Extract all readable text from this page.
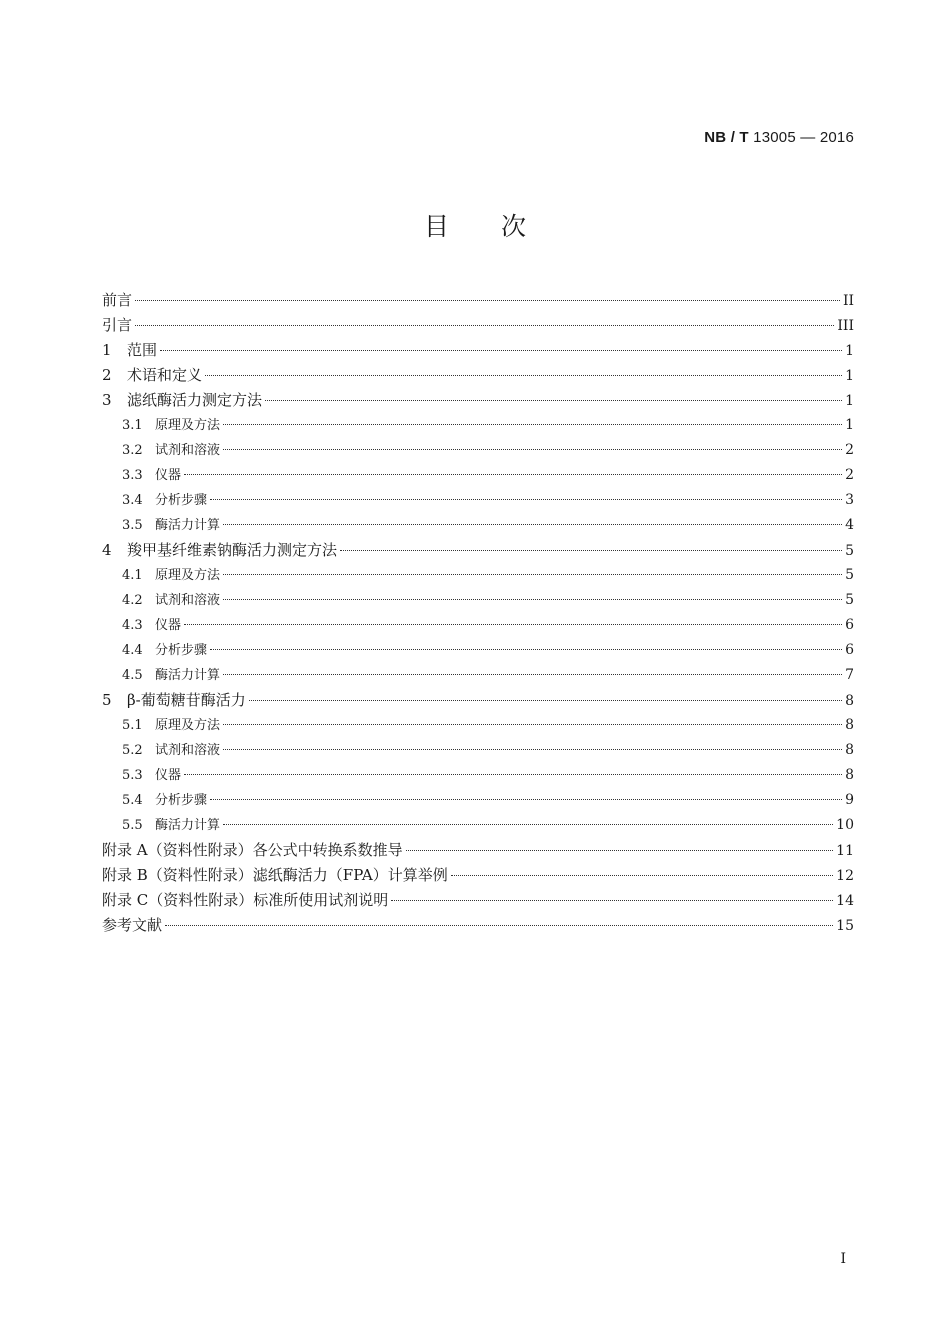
NB / T 13005 — 2016
目次
前言	II
引言	III
1	范围	1
2	术语和定义	1
3	滤纸酶活力测定方法	1
3.1 原理及方法	1
3.2 试剂和溶液	2
3.3 仪器	2
3.4 分析步骤	3
3.5 酶活力计算	4
4	羧甲基纤维素钠酶活力测定方法	5
4.1 原理及方法	5
4.2 试剂和溶液	5
4.3 仪器	6
4.4 分析步骤	6
4.5 酶活力计算	7
5	β-葡萄糖苷酶活力	8
5.1 原理及方法	8
5.2 试剂和溶液	8
5.3 仪器	8
5.4 分析步骤	9
5.5 酶活力计算	10
附录 A（资料性附录）各公式中转换系数推导	11
附录 B（资料性附录）滤纸酶活力（FPA）计算举例	12
附录 C（资料性附录）标准所使用试剂说明	14
参考文献	15
I
